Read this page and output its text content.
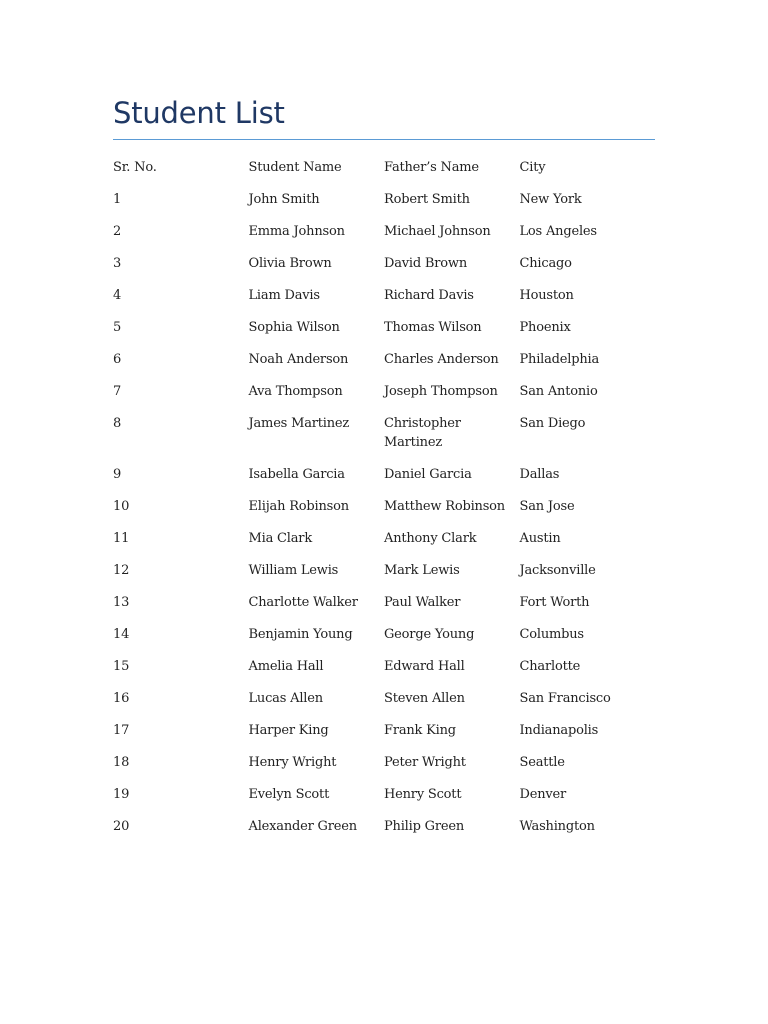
Student List
Sr. No.	Student Name	Father’s Name	City
1	John Smith	Robert Smith	New York
2	Emma Johnson	Michael Johnson	Los Angeles
3	Olivia Brown	David Brown	Chicago
4	Liam Davis	Richard Davis	Houston
5	Sophia Wilson	Thomas Wilson	Phoenix
6	Noah Anderson	Charles Anderson	Philadelphia
7	Ava Thompson	Joseph Thompson	San Antonio
8	James Martinez	Christopher Martinez	San Diego
9	Isabella Garcia	Daniel Garcia	Dallas
10	Elijah Robinson	Matthew Robinson	San Jose
11	Mia Clark	Anthony Clark	Austin
12	William Lewis	Mark Lewis	Jacksonville
13	Charlotte Walker	Paul Walker	Fort Worth
14	Benjamin Young	George Young	Columbus
15	Amelia Hall	Edward Hall	Charlotte
16	Lucas Allen	Steven Allen	San Francisco
17	Harper King	Frank King	Indianapolis
18	Henry Wright	Peter Wright	Seattle
19	Evelyn Scott	Henry Scott	Denver
20	Alexander Green	Philip Green	Washington
